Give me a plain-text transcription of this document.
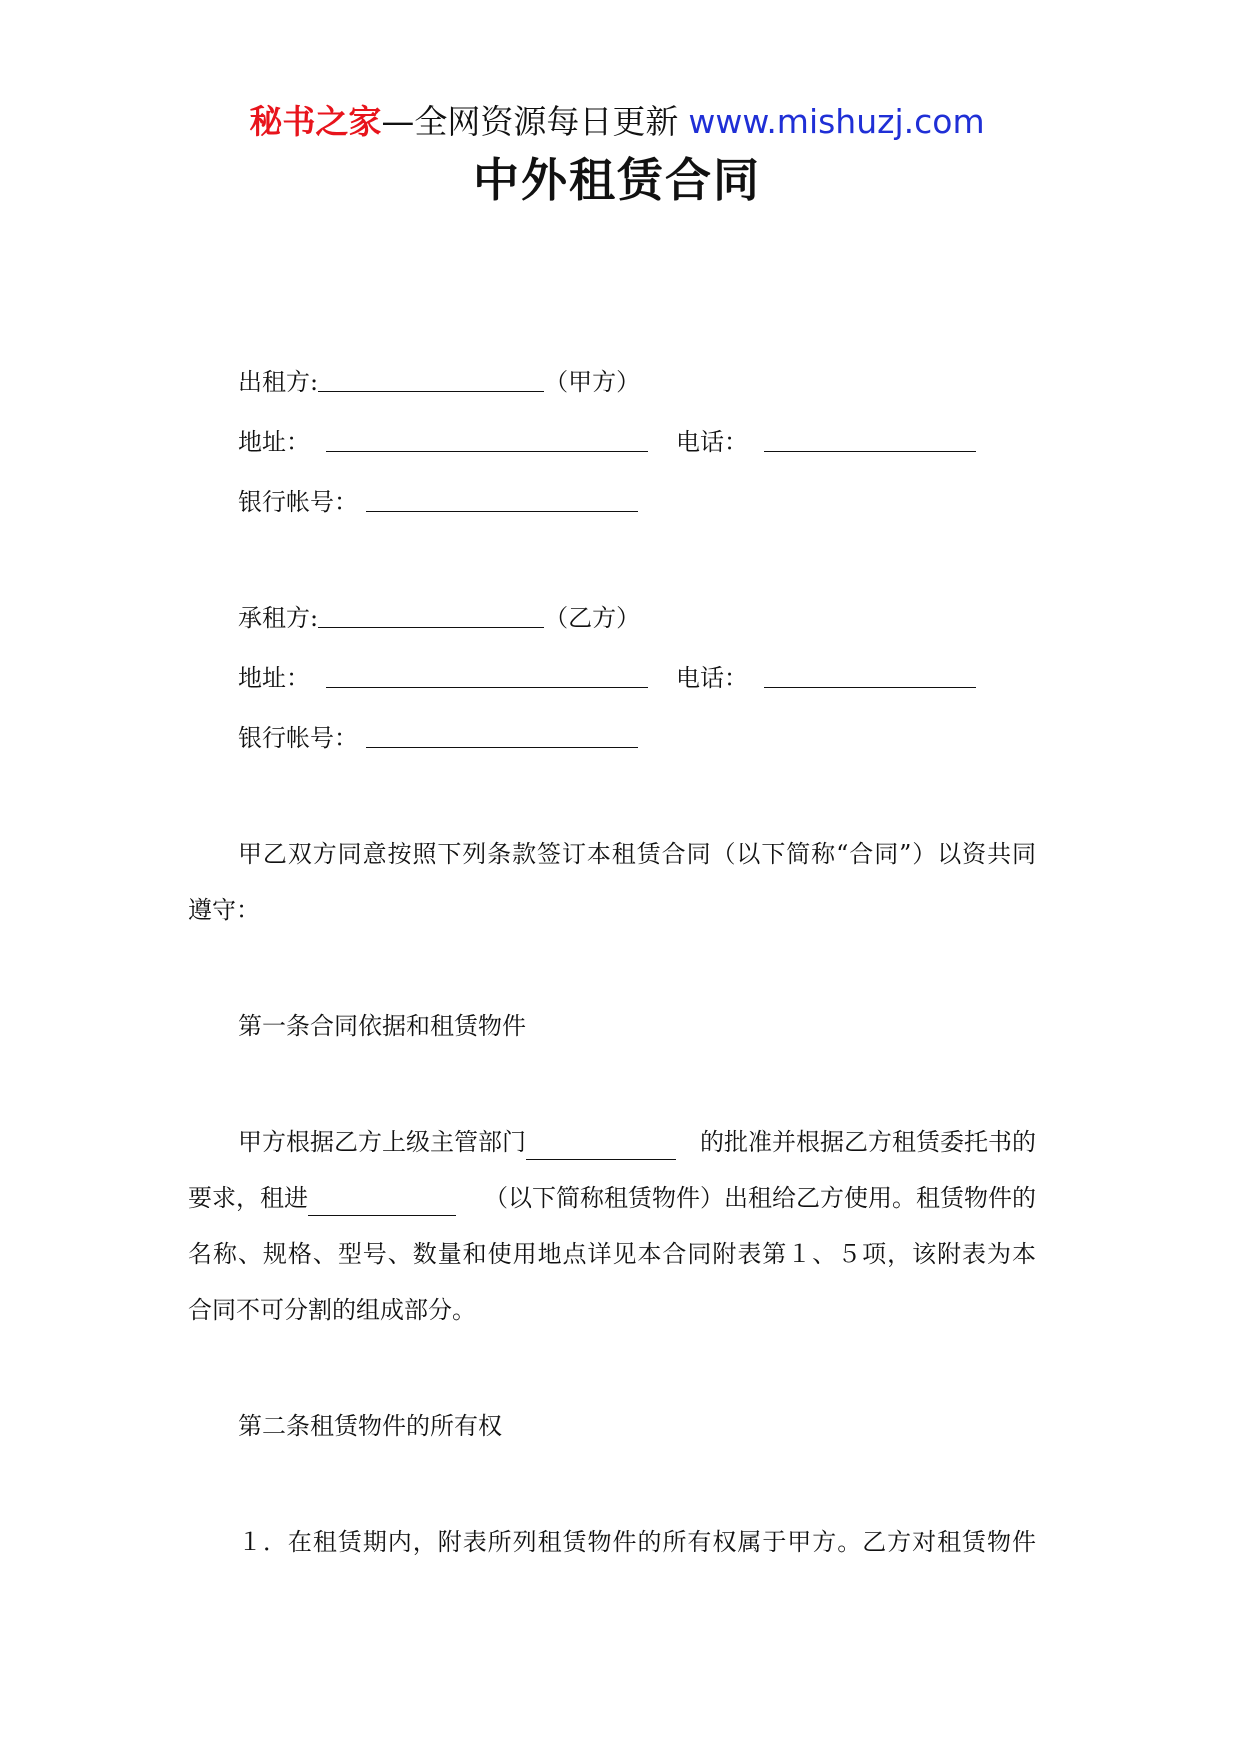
秘书之家—全网资源每日更新 www.mishuzj.com
中外租赁合同
出租方:	（甲方）
地址：	电话：
银行帐号：
承租方:	（乙方）
地址：	电话：
银行帐号：
甲乙双方同意按照下列条款签订本租赁合同（以下简称“合同”）以资共同
遵守：
第一条合同依据和租赁物件
甲方根据乙方上级主管部门	的批准并根据乙方租赁委托书的
要求，租进	（以下简称租赁物件）出租给乙方使用。租赁物件的
名称、规格、型号、数量和使用地点详见本合同附表第１、５项，该附表为本
合同不可分割的组成部分。
第二条租赁物件的所有权
１．在租赁期内，附表所列租赁物件的所有权属于甲方。乙方对租赁物件
